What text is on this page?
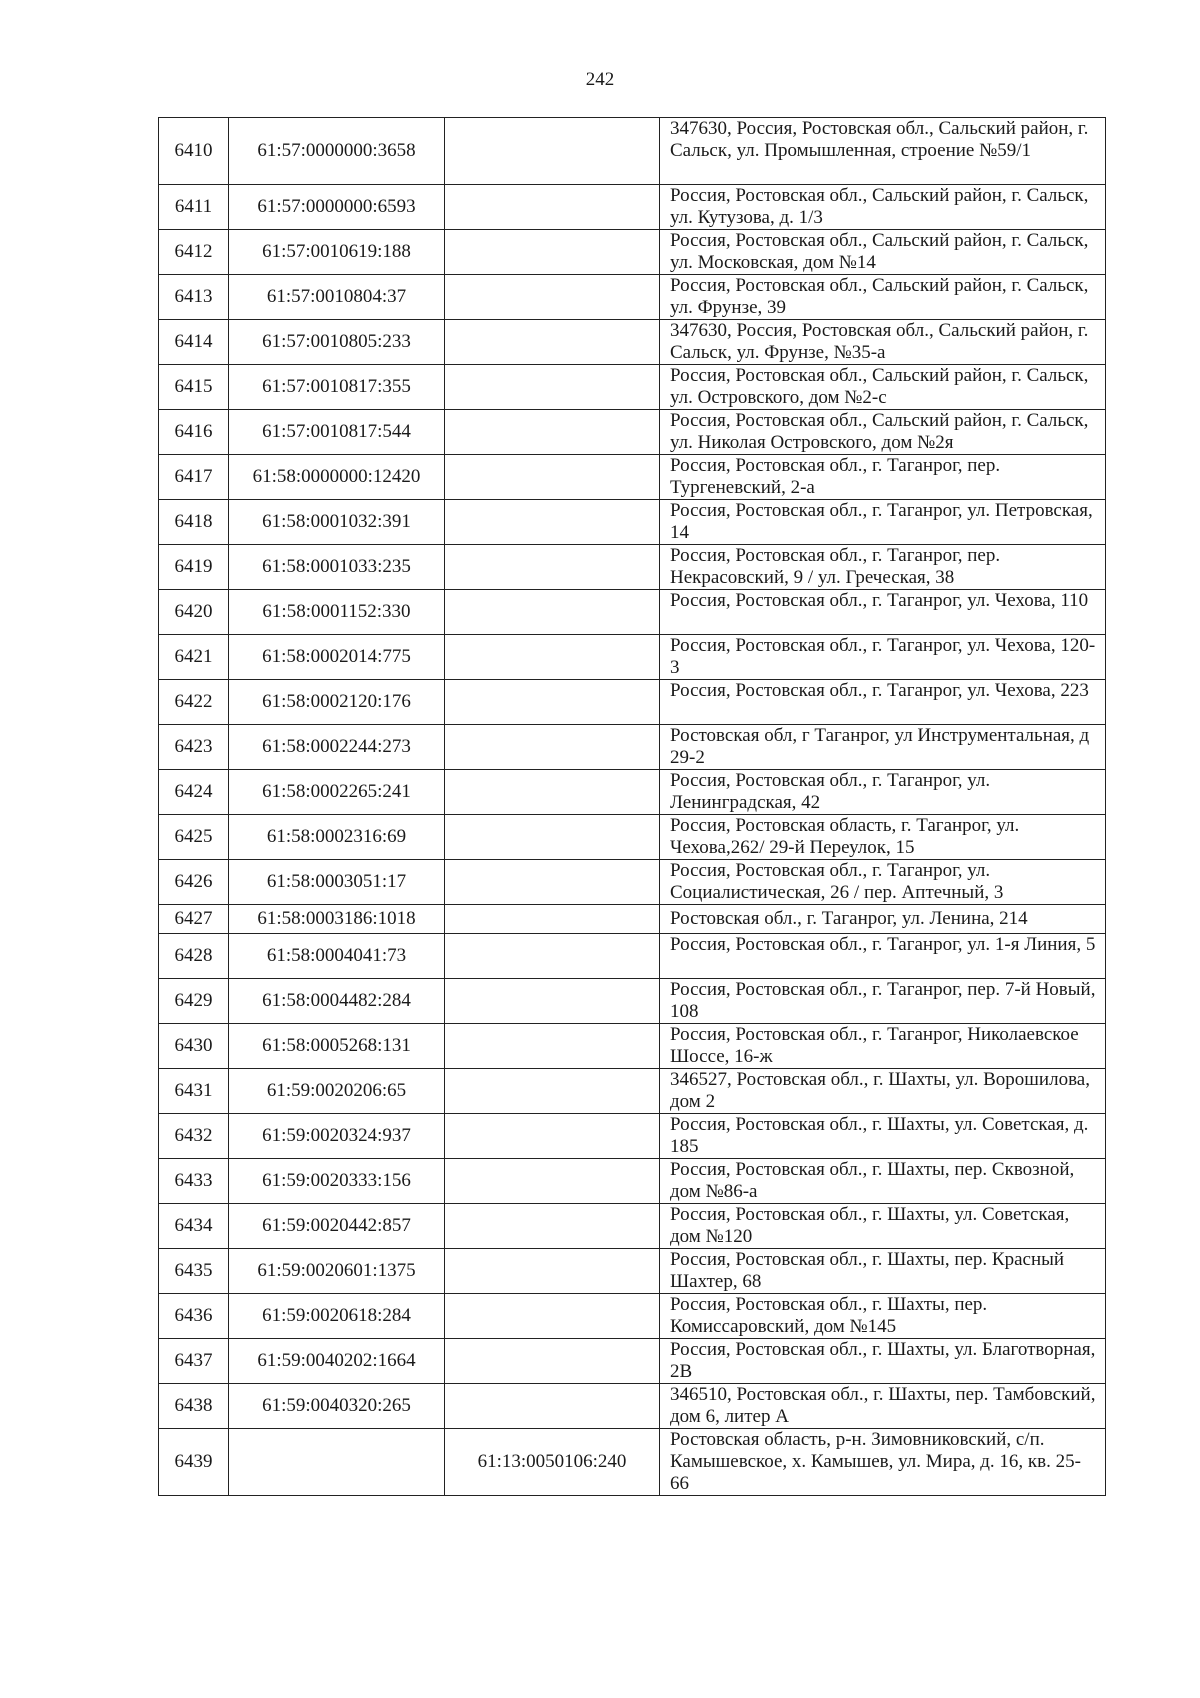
242
6410	61:57:0000000:3658		347630, Россия, Ростовская обл., Сальский район, г. Сальск, ул. Промышленная, строение №59/1
6411	61:57:0000000:6593		Россия, Ростовская обл., Сальский район, г. Сальск, ул. Кутузова, д. 1/3
6412	61:57:0010619:188		Россия, Ростовская обл., Сальский район, г. Сальск, ул. Московская, дом №14
6413	61:57:0010804:37		Россия, Ростовская обл., Сальский район, г. Сальск, ул. Фрунзе, 39
6414	61:57:0010805:233		347630, Россия, Ростовская обл., Сальский район, г. Сальск, ул. Фрунзе, №35-а
6415	61:57:0010817:355		Россия, Ростовская обл., Сальский район, г. Сальск, ул. Островского, дом №2-с
6416	61:57:0010817:544		Россия, Ростовская обл., Сальский район, г. Сальск, ул. Николая Островского, дом №2я
6417	61:58:0000000:12420		Россия, Ростовская обл., г. Таганрог, пер. Тургеневский, 2-а
6418	61:58:0001032:391		Россия, Ростовская обл., г. Таганрог, ул. Петровская, 14
6419	61:58:0001033:235		Россия, Ростовская обл., г. Таганрог, пер. Некрасовский, 9 / ул. Греческая, 38
6420	61:58:0001152:330		Россия, Ростовская обл., г. Таганрог, ул. Чехова, 110
6421	61:58:0002014:775		Россия, Ростовская обл., г. Таганрог, ул. Чехова, 120-3
6422	61:58:0002120:176		Россия, Ростовская обл., г. Таганрог, ул. Чехова, 223
6423	61:58:0002244:273		Ростовская обл, г Таганрог, ул Инструментальная, д 29-2
6424	61:58:0002265:241		Россия, Ростовская обл., г. Таганрог, ул. Ленинградская, 42
6425	61:58:0002316:69		Россия, Ростовская область, г. Таганрог, ул. Чехова,262/ 29-й Переулок, 15
6426	61:58:0003051:17		Россия, Ростовская обл., г. Таганрог, ул. Социалистическая, 26 / пер. Аптечный, 3
6427	61:58:0003186:1018		Ростовская обл., г. Таганрог, ул. Ленина, 214
6428	61:58:0004041:73		Россия, Ростовская обл., г. Таганрог, ул. 1-я Линия, 5
6429	61:58:0004482:284		Россия, Ростовская обл., г. Таганрог, пер. 7-й Новый, 108
6430	61:58:0005268:131		Россия, Ростовская обл., г. Таганрог, Николаевское Шоссе, 16-ж
6431	61:59:0020206:65		346527, Ростовская обл., г. Шахты, ул. Ворошилова, дом 2
6432	61:59:0020324:937		Россия, Ростовская обл., г. Шахты, ул. Советская, д. 185
6433	61:59:0020333:156		Россия, Ростовская обл., г. Шахты, пер. Сквозной, дом №86-а
6434	61:59:0020442:857		Россия, Ростовская обл., г. Шахты, ул. Советская, дом №120
6435	61:59:0020601:1375		Россия, Ростовская обл., г. Шахты, пер. Красный Шахтер, 68
6436	61:59:0020618:284		Россия, Ростовская обл., г. Шахты, пер. Комиссаровский, дом №145
6437	61:59:0040202:1664		Россия, Ростовская обл., г. Шахты, ул. Благотворная, 2В
6438	61:59:0040320:265		346510, Ростовская обл., г. Шахты, пер. Тамбовский, дом 6, литер А
6439		61:13:0050106:240	Ростовская область, р-н. Зимовниковский, с/п. Камышевское, х. Камышев, ул. Мира, д. 16, кв. 25-66
